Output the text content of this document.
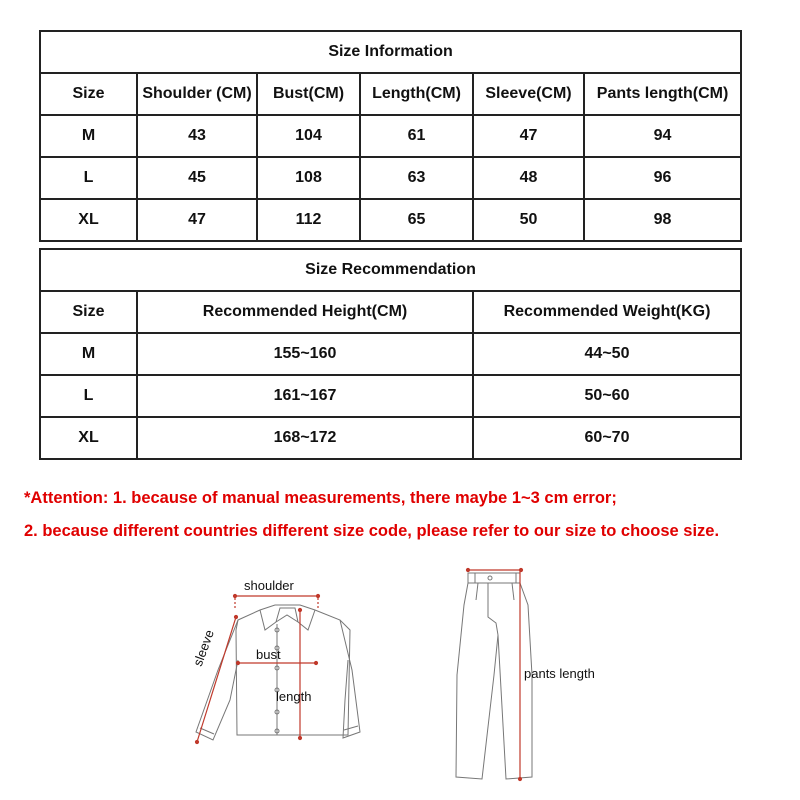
Size Information					
Size	Shoulder (CM)	Bust(CM)	Length(CM)	Sleeve(CM)	Pants length(CM)
M	43	104	61	47	94
L	45	108	63	48	96
XL	47	112	65	50	98
Size Recommendation		
Size	Recommended Height(CM)	Recommended Weight(KG)
M	155~160	44~50
L	161~167	50~60
XL	168~172	60~70
*Attention: 1. because of manual measurements, there maybe 1~3 cm error;
2. because different countries different size code, please refer to our size to choose size.
shoulder
sleeve	bust
length
pants length
